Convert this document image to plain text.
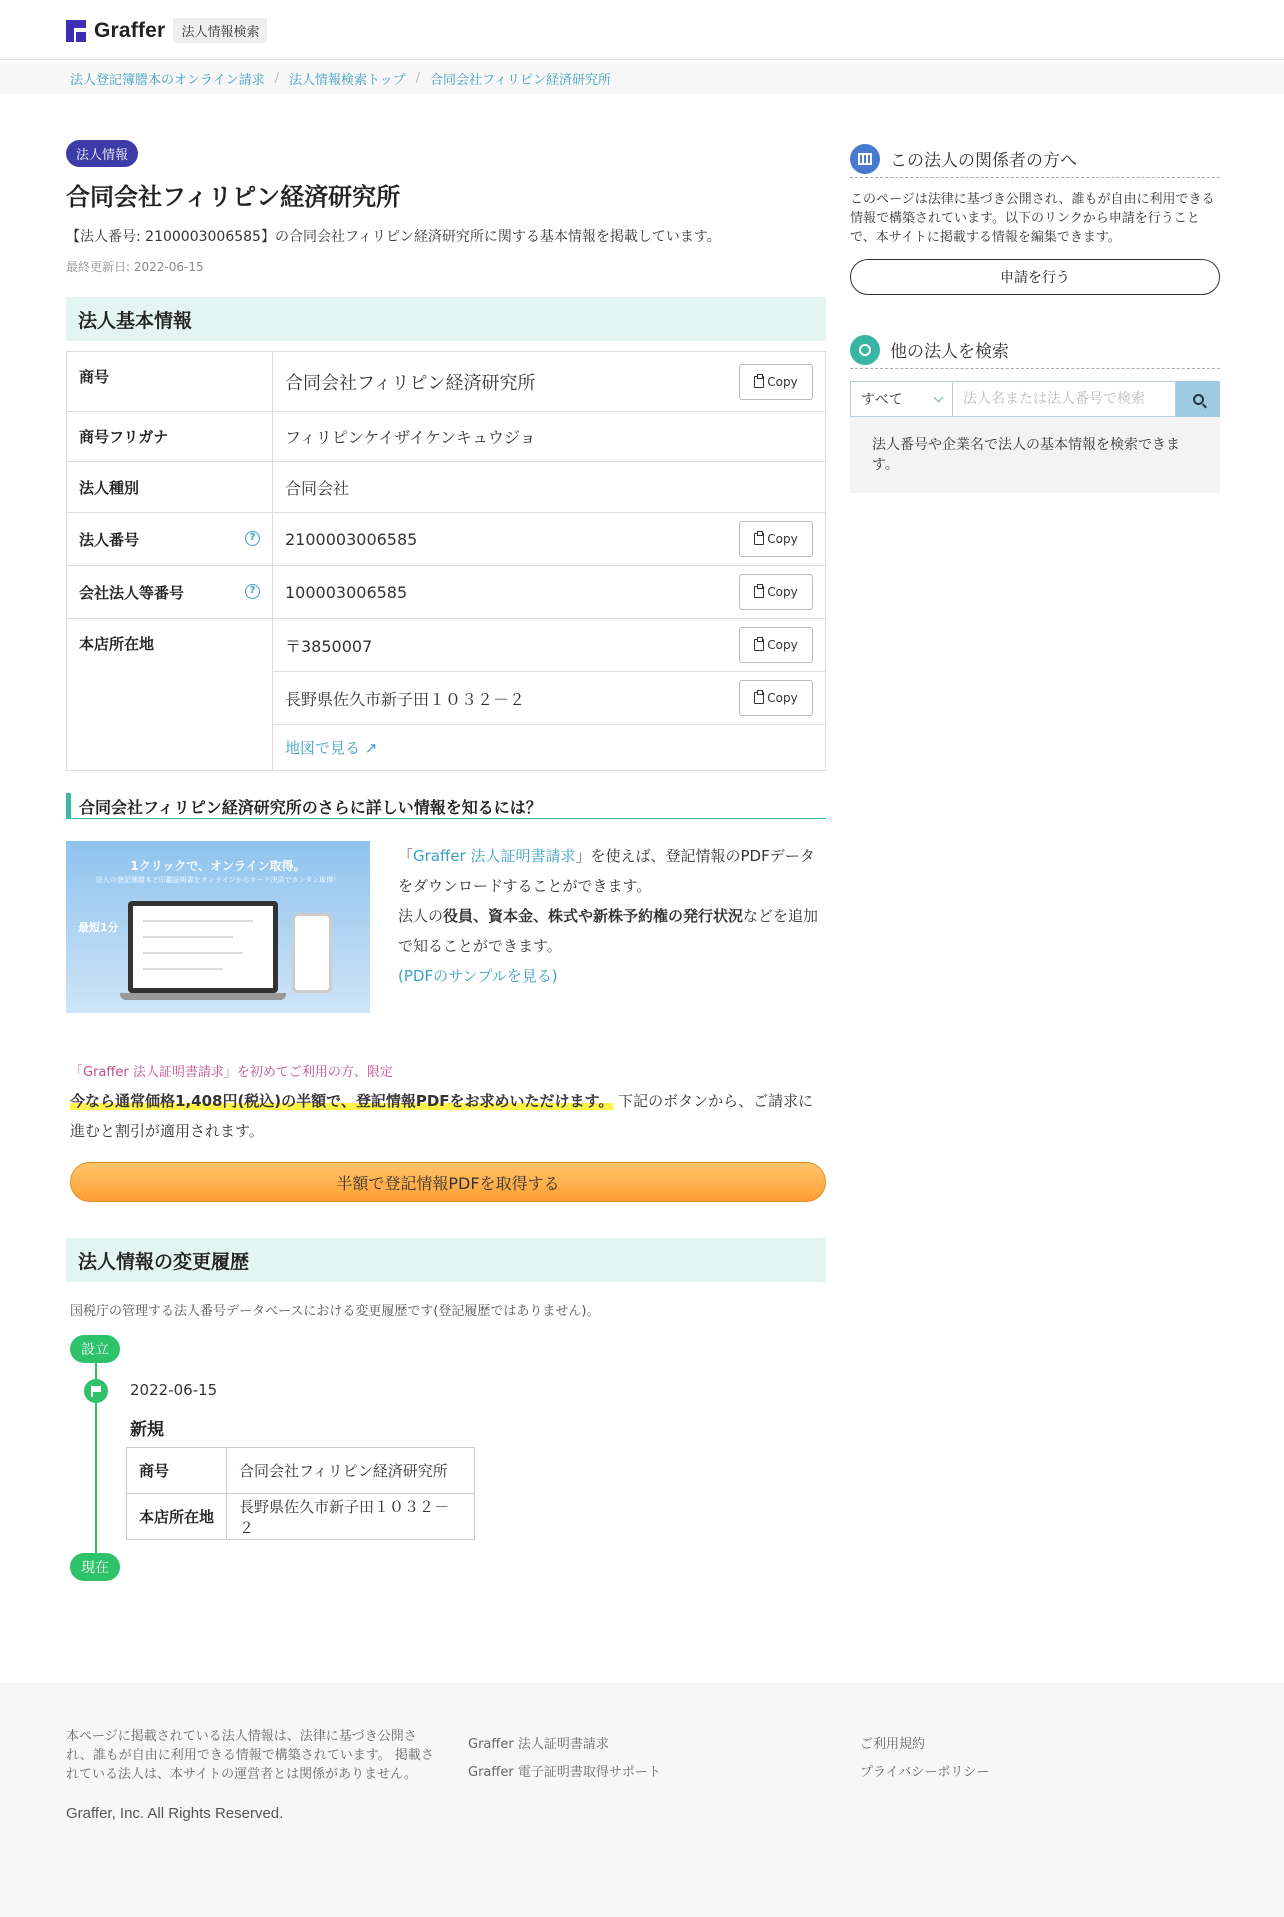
Graffer	法人情報検索
法人登記簿謄本のオンライン請求 / 法人情報検索トップ / 合同会社フィリピン経済研究所
法人情報
合同会社フィリピン経済研究所

【法人番号: 2100003006585】の合同会社フィリピン経済研究所に関する基本情報を掲載しています。

最終更新日: 2022-06-15

法人基本情報
商号	合同会社フィリピン経済研究所 Copy

商号フリガナ	フィリピンケイザイケンキュウジョ
法人種別	合同会社
法人番号 ?	2100003006585 Copy

会社法人等番号 ?	100003006585 Copy

本店所在地	〒3850007 Copy

	長野県佐久市新子田１０３２－２ Copy

	地図で見る ↗
合同会社フィリピン経済研究所のさらに詳しい情報を知るには？
1クリックで、オンライン取得。
法人の登記簿謄本と印鑑証明書をオンラインからカード決済でカンタン取得！
最短1分
「Graffer 法人証明書請求」を使えば、登記情報のPDFデータをダウンロードすることができます。
法人の役員、資本金、株式や新株予約権の発行状況などを追加で知ることができます。
(PDFのサンプルを見る)

「Graffer 法人証明書請求」を初めてご利用の方、限定

今なら通常価格1,408円(税込)の半額で、登記情報PDFをお求めいただけます。 下記のボタンから、ご請求に進むと割引が適用されます。

半額で登記情報PDFを取得する
法人情報の変更履歴

国税庁の管理する法人番号データベースにおける変更履歴です(登記履歴ではありません)。

設立
2022-06-15
新規
商号	合同会社フィリピン経済研究所
本店所在地	長野県佐久市新子田１０３２－２
現在
この法人の関係者の方へ

このページは法律に基づき公開され、誰もが自由に利用できる情報で構築されています。以下のリンクから申請を行うことで、本サイトに掲載する情報を編集できます。

申請を行う
他の法人を検索
すべて
法人名または法人番号で検索
法人番号や企業名で法人の基本情報を検索できます。

本ページに掲載されている法人情報は、法律に基づき公開され、誰もが自由に利用できる情報で構築されています。 掲載されている法人は、本サイトの運営者とは関係がありません。

Graffer, Inc. All Rights Reserved.

Graffer 法人証明書請求
Graffer 電子証明書取得サポート
ご利用規約
プライバシーポリシー
